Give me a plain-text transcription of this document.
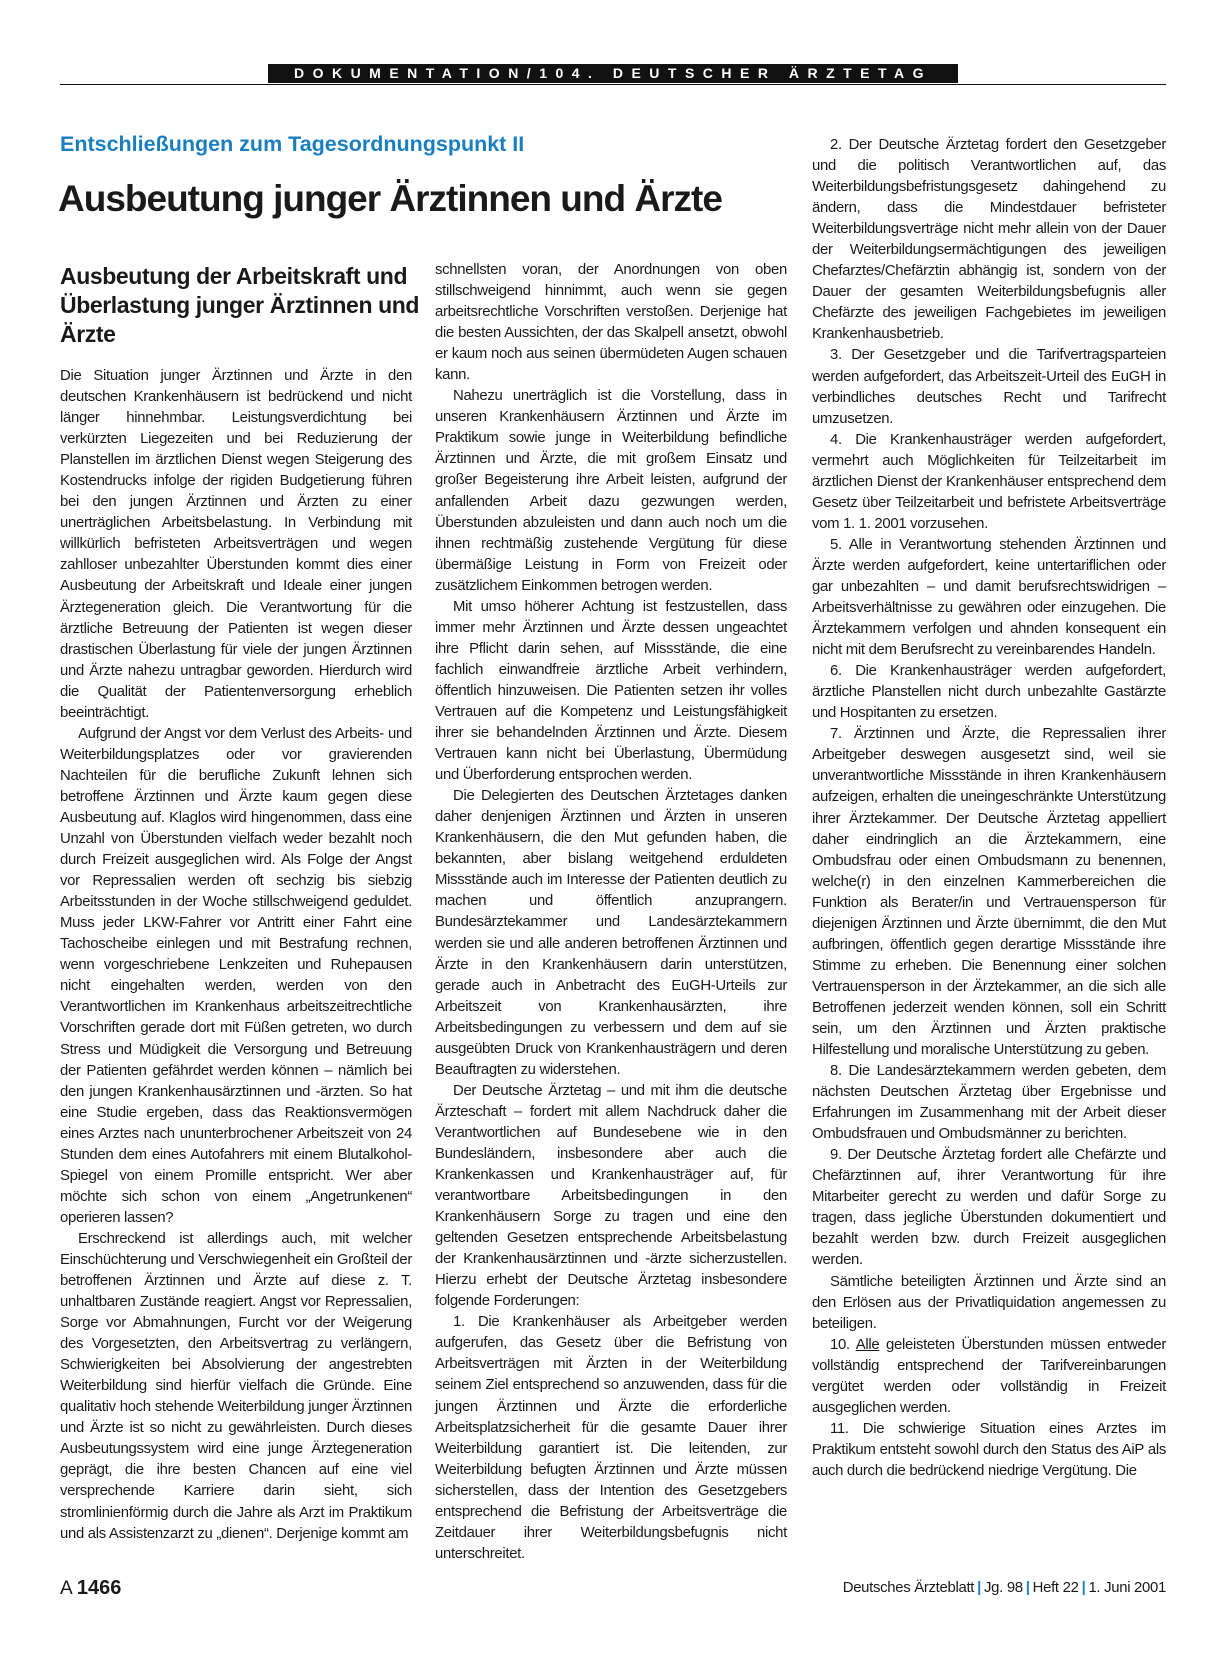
DOKUMENTATION/104. DEUTSCHER ÄRZTETAG
Entschließungen zum Tagesordnungspunkt II
Ausbeutung junger Ärztinnen und Ärzte
Ausbeutung der Arbeitskraft und Überlastung junger Ärztinnen und Ärzte

Die Situation junger Ärztinnen und Ärzte in den deutschen Krankenhäusern ist bedrückend und nicht länger hinnehmbar. Leistungsverdichtung bei verkürzten Liegezeiten und bei Reduzierung der Planstellen im ärztlichen Dienst wegen Steigerung des Kostendrucks infolge der rigiden Budgetierung führen bei den jungen Ärztinnen und Ärzten zu einer unerträglichen Arbeitsbelastung. In Verbindung mit willkürlich befristeten Arbeitsverträgen und wegen zahlloser unbezahlter Überstunden kommt dies einer Ausbeutung der Arbeitskraft und Ideale einer jungen Ärztegeneration gleich. Die Verantwortung für die ärztliche Betreuung der Patienten ist wegen dieser drastischen Überlastung für viele der jungen Ärztinnen und Ärzte nahezu untragbar geworden. Hierdurch wird die Qualität der Patientenversorgung erheblich beeinträchtigt.

Aufgrund der Angst vor dem Verlust des Arbeits- und Weiterbildungsplatzes oder vor gravierenden Nachteilen für die berufliche Zukunft lehnen sich betroffene Ärztinnen und Ärzte kaum gegen diese Ausbeutung auf. Klaglos wird hingenommen, dass eine Unzahl von Überstunden vielfach weder bezahlt noch durch Freizeit ausgeglichen wird. Als Folge der Angst vor Repressalien werden oft sechzig bis siebzig Arbeitsstunden in der Woche stillschweigend geduldet. Muss jeder LKW-Fahrer vor Antritt einer Fahrt eine Tachoscheibe einlegen und mit Bestrafung rechnen, wenn vorgeschriebene Lenkzeiten und Ruhepausen nicht eingehalten werden, werden von den Verantwortlichen im Krankenhaus arbeitszeitrechtliche Vorschriften gerade dort mit Füßen getreten, wo durch Stress und Müdigkeit die Versorgung und Betreuung der Patienten gefährdet werden können – nämlich bei den jungen Krankenhausärztinnen und -ärzten. So hat eine Studie ergeben, dass das Reaktionsvermögen eines Arztes nach ununterbrochener Arbeitszeit von 24 Stunden dem eines Autofahrers mit einem Blutalkohol-Spiegel von einem Promille entspricht. Wer aber möchte sich schon von einem „Angetrunkenen“ operieren lassen?

Erschreckend ist allerdings auch, mit welcher Einschüchterung und Verschwiegenheit ein Großteil der betroffenen Ärztinnen und Ärzte auf diese z. T. unhaltbaren Zustände reagiert. Angst vor Repressalien, Sorge vor Abmahnungen, Furcht vor der Weigerung des Vorgesetzten, den Arbeitsvertrag zu verlängern, Schwierigkeiten bei Absolvierung der angestrebten Weiterbildung sind hierfür vielfach die Gründe. Eine qualitativ hoch stehende Weiterbildung junger Ärztinnen und Ärzte ist so nicht zu gewährleisten. Durch dieses Ausbeutungssystem wird eine junge Ärztegeneration geprägt, die ihre besten Chancen auf eine viel versprechende Karriere darin sieht, sich stromlinienförmig durch die Jahre als Arzt im Praktikum und als Assistenzarzt zu „dienen“. Derjenige kommt am

schnellsten voran, der Anordnungen von oben stillschweigend hinnimmt, auch wenn sie gegen arbeitsrechtliche Vorschriften verstoßen. Derjenige hat die besten Aussichten, der das Skalpell ansetzt, obwohl er kaum noch aus seinen übermüdeten Augen schauen kann.

Nahezu unerträglich ist die Vorstellung, dass in unseren Krankenhäusern Ärztinnen und Ärzte im Praktikum sowie junge in Weiterbildung befindliche Ärztinnen und Ärzte, die mit großem Einsatz und großer Begeisterung ihre Arbeit leisten, aufgrund der anfallenden Arbeit dazu gezwungen werden, Überstunden abzuleisten und dann auch noch um die ihnen rechtmäßig zustehende Vergütung für diese übermäßige Leistung in Form von Freizeit oder zusätzlichem Einkommen betrogen werden.

Mit umso höherer Achtung ist festzustellen, dass immer mehr Ärztinnen und Ärzte dessen ungeachtet ihre Pflicht darin sehen, auf Missstände, die eine fachlich einwandfreie ärztliche Arbeit verhindern, öffentlich hinzuweisen. Die Patienten setzen ihr volles Vertrauen auf die Kompetenz und Leistungsfähigkeit ihrer sie behandelnden Ärztinnen und Ärzte. Diesem Vertrauen kann nicht bei Überlastung, Übermüdung und Überforderung entsprochen werden.

Die Delegierten des Deutschen Ärztetages danken daher denjenigen Ärztinnen und Ärzten in unseren Krankenhäusern, die den Mut gefunden haben, die bekannten, aber bislang weitgehend erduldeten Missstände auch im Interesse der Patienten deutlich zu machen und öffentlich anzuprangern. Bundesärztekammer und Landesärztekammern werden sie und alle anderen betroffenen Ärztinnen und Ärzte in den Krankenhäusern darin unterstützen, gerade auch in Anbetracht des EuGH-Urteils zur Arbeitszeit von Krankenhausärzten, ihre Arbeitsbedingungen zu verbessern und dem auf sie ausgeübten Druck von Krankenhausträgern und deren Beauftragten zu widerstehen.

Der Deutsche Ärztetag – und mit ihm die deutsche Ärzteschaft – fordert mit allem Nachdruck daher die Verantwortlichen auf Bundesebene wie in den Bundesländern, insbesondere aber auch die Krankenkassen und Krankenhausträger auf, für verantwortbare Arbeitsbedingungen in den Krankenhäusern Sorge zu tragen und eine den geltenden Gesetzen entsprechende Arbeitsbelastung der Krankenhausärztinnen und -ärzte sicherzustellen. Hierzu erhebt der Deutsche Ärztetag insbesondere folgende Forderungen:

1. Die Krankenhäuser als Arbeitgeber werden aufgerufen, das Gesetz über die Befristung von Arbeitsverträgen mit Ärzten in der Weiterbildung seinem Ziel entsprechend so anzuwenden, dass für die jungen Ärztinnen und Ärzte die erforderliche Arbeitsplatzsicherheit für die gesamte Dauer ihrer Weiterbildung garantiert ist. Die leitenden, zur Weiterbildung befugten Ärztinnen und Ärzte müssen sicherstellen, dass der Intention des Gesetzgebers entsprechend die Befristung der Arbeitsverträge die Zeitdauer ihrer Weiterbildungsbefugnis nicht unterschreitet.

2. Der Deutsche Ärztetag fordert den Gesetzgeber und die politisch Verantwortlichen auf, das Weiterbildungsbefristungsgesetz dahingehend zu ändern, dass die Mindestdauer befristeter Weiterbildungsverträge nicht mehr allein von der Dauer der Weiterbildungsermächtigungen des jeweiligen Chefarztes/Chefärztin abhängig ist, sondern von der Dauer der gesamten Weiterbildungsbefugnis aller Chefärzte des jeweiligen Fachgebietes im jeweiligen Krankenhausbetrieb.

3. Der Gesetzgeber und die Tarifvertragsparteien werden aufgefordert, das Arbeitszeit-Urteil des EuGH in verbindliches deutsches Recht und Tarifrecht umzusetzen.

4. Die Krankenhausträger werden aufgefordert, vermehrt auch Möglichkeiten für Teilzeitarbeit im ärztlichen Dienst der Krankenhäuser entsprechend dem Gesetz über Teilzeitarbeit und befristete Arbeitsverträge vom 1. 1. 2001 vorzusehen.

5. Alle in Verantwortung stehenden Ärztinnen und Ärzte werden aufgefordert, keine untertariflichen oder gar unbezahlten – und damit berufsrechtswidrigen – Arbeitsverhältnisse zu gewähren oder einzugehen. Die Ärztekammern verfolgen und ahnden konsequent ein nicht mit dem Berufsrecht zu vereinbarendes Handeln.

6. Die Krankenhausträger werden aufgefordert, ärztliche Planstellen nicht durch unbezahlte Gastärzte und Hospitanten zu ersetzen.

7. Ärztinnen und Ärzte, die Repressalien ihrer Arbeitgeber deswegen ausgesetzt sind, weil sie unverantwortliche Missstände in ihren Krankenhäusern aufzeigen, erhalten die uneingeschränkte Unterstützung ihrer Ärztekammer. Der Deutsche Ärztetag appelliert daher eindringlich an die Ärztekammern, eine Ombudsfrau oder einen Ombudsmann zu benennen, welche(r) in den einzelnen Kammerbereichen die Funktion als Berater/in und Vertrauensperson für diejenigen Ärztinnen und Ärzte übernimmt, die den Mut aufbringen, öffentlich gegen derartige Missstände ihre Stimme zu erheben. Die Benennung einer solchen Vertrauensperson in der Ärztekammer, an die sich alle Betroffenen jederzeit wenden können, soll ein Schritt sein, um den Ärztinnen und Ärzten praktische Hilfestellung und moralische Unterstützung zu geben.

8. Die Landesärztekammern werden gebeten, dem nächsten Deutschen Ärztetag über Ergebnisse und Erfahrungen im Zusammenhang mit der Arbeit dieser Ombudsfrauen und Ombudsmänner zu berichten.

9. Der Deutsche Ärztetag fordert alle Chefärzte und Chefärztinnen auf, ihrer Verantwortung für ihre Mitarbeiter gerecht zu werden und dafür Sorge zu tragen, dass jegliche Überstunden dokumentiert und bezahlt werden bzw. durch Freizeit ausgeglichen werden.

Sämtliche beteiligten Ärztinnen und Ärzte sind an den Erlösen aus der Privatliquidation angemessen zu beteiligen.

10. Alle geleisteten Überstunden müssen entweder vollständig entsprechend der Tarifvereinbarungen vergütet werden oder vollständig in Freizeit ausgeglichen werden.

11. Die schwierige Situation eines Arztes im Praktikum entsteht sowohl durch den Status des AiP als auch durch die bedrückend niedrige Vergütung. Die

A 1466	Deutsches Ärzteblatt | Jg. 98 | Heft 22 | 1. Juni 2001
